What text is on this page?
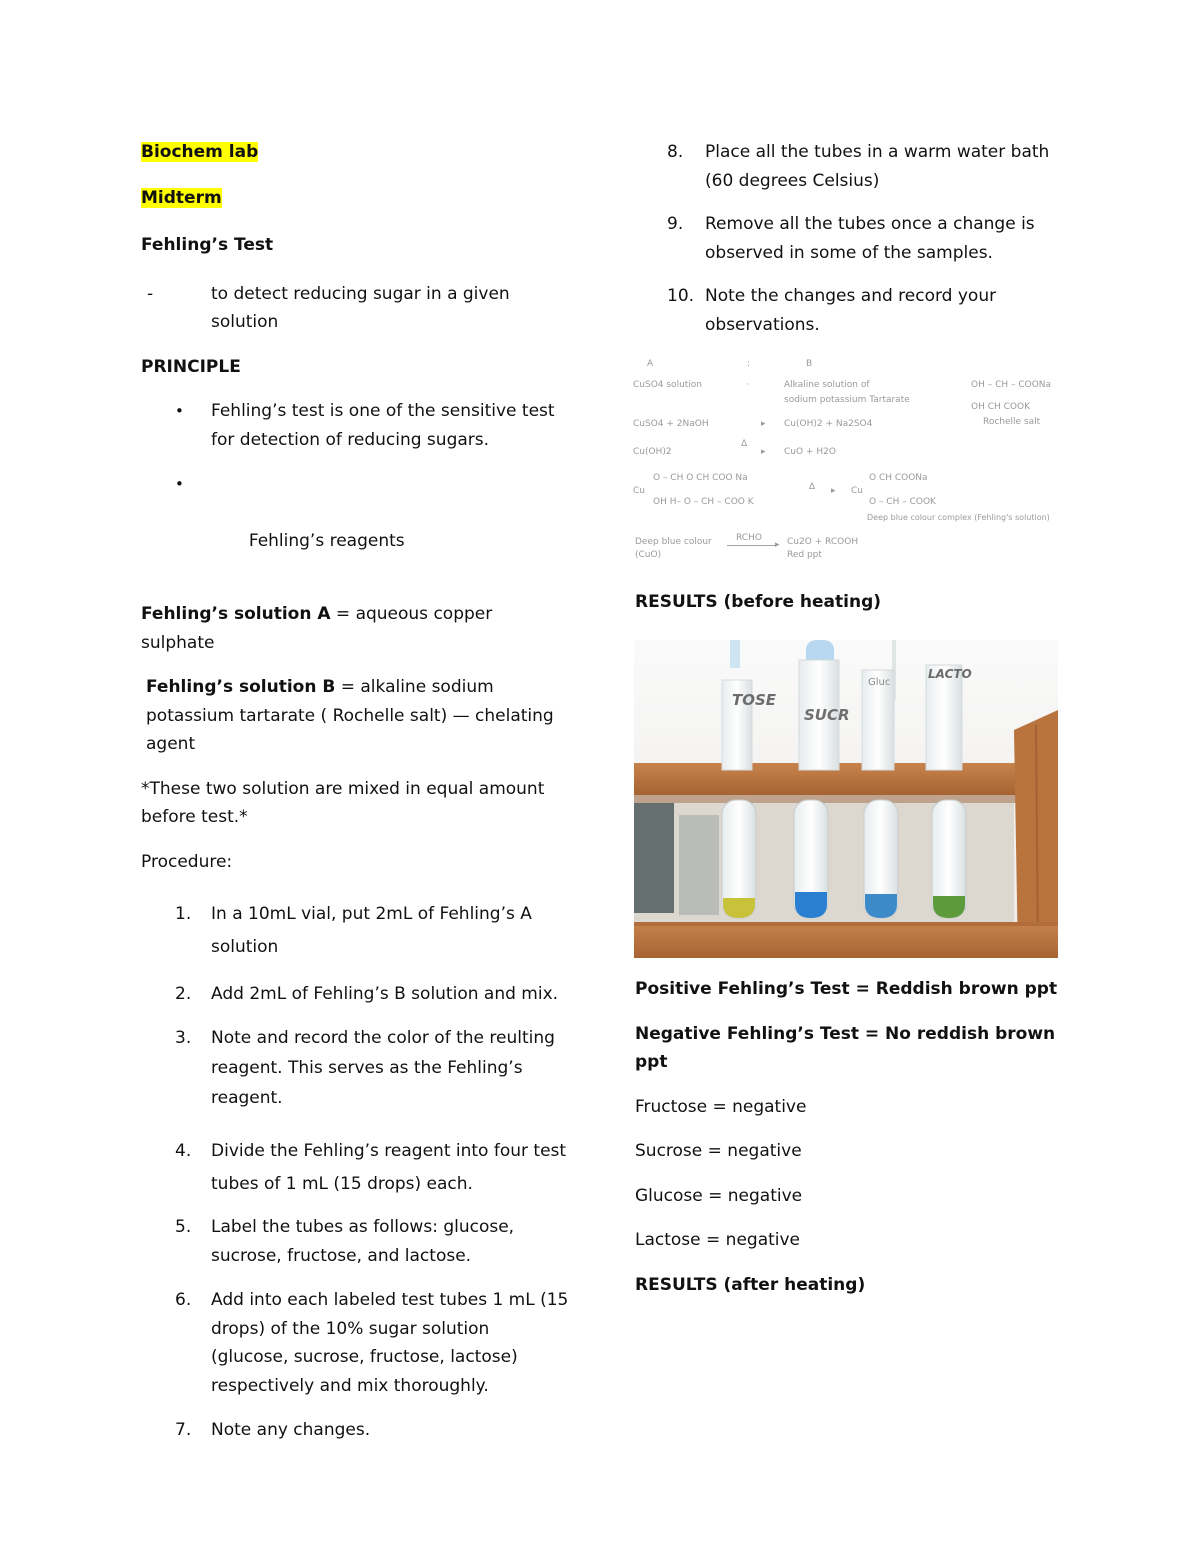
Biochem lab

Midterm

Fehling’s Test

-	to detect reducing sugar in a given solution

PRINCIPLE

• Fehling’s test is one of the sensitive test for detection of reducing sugars.

•

Fehling’s reagents

Fehling’s solution A = aqueous copper sulphate

Fehling’s solution B = alkaline sodium potassium tartarate ( Rochelle salt) — chelating agent

*These two solution are mixed in equal amount before test.*

Procedure:

1. In a 10mL vial, put 2mL of Fehling’s A solution
2. Add 2mL of Fehling’s B solution and mix.
3. Note and record the color of the reulting reagent. This serves as the Fehling’s reagent.
4. Divide the Fehling’s reagent into four test tubes of 1 mL (15 drops) each.
5. Label the tubes as follows: glucose, sucrose, fructose, and lactose.
6. Add into each labeled test tubes 1 mL (15 drops) of the 10% sugar solution (glucose, sucrose, fructose, lactose) respectively and mix thoroughly.
7. Note any changes.
8. Place all the tubes in a warm water bath (60 degrees Celsius)
9. Remove all the tubes once a change is observed in some of the samples.
10. Note the changes and record your observations.
A	:	B
CuSO4 solution	·	Alkaline solution of
sodium potassium Tartarate
OH – CH – COONa
OH CH COOK
Rochelle salt
CuSO4 + 2NaOH	▸ Cu(OH)2 + Na2SO4
Δ
Cu(OH)2	▸ CuO + H2O
Cu
O – CH O CH COO Na
OH H– O – CH – COO K
Δ ▸ Cu
O CH COONa
O – CH – COOK
Deep blue colour complex (Fehling's solution)
Deep blue colour
(CuO)
RCHO
▸ Cu2O + RCOOH
Red ppt

RESULTS (before heating)

TOSE
SUCR
Gluc
LACTO

Positive Fehling’s Test = Reddish brown ppt

Negative Fehling’s Test = No reddish brown ppt

Fructose = negative

Sucrose = negative

Glucose = negative

Lactose = negative

RESULTS (after heating)
